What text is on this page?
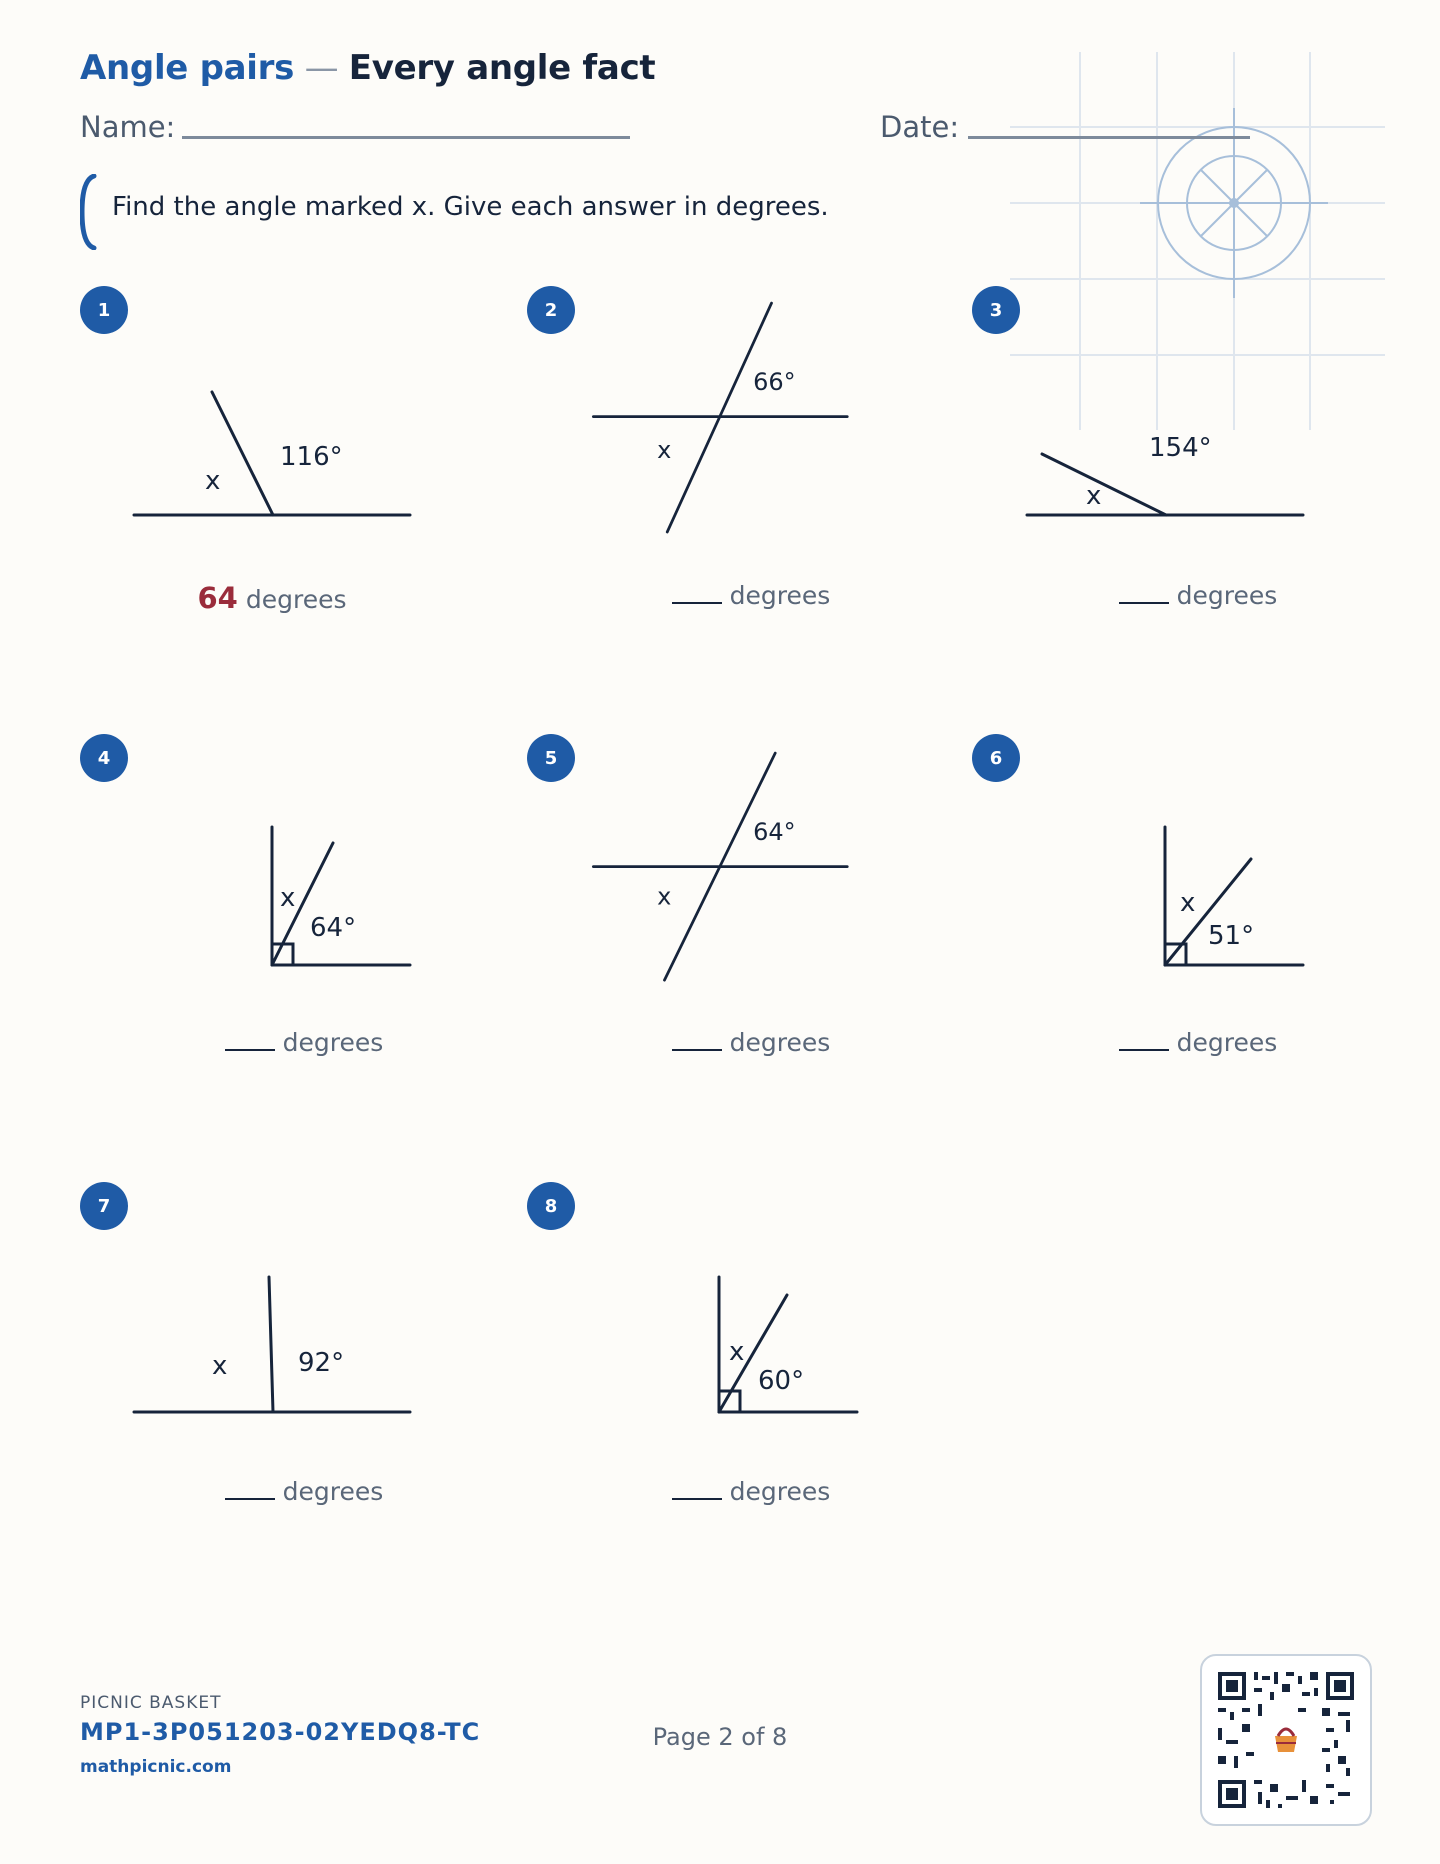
Angle pairs — Every angle fact
Name:	Date:
Find the angle marked x. Give each answer in degrees.
1
116°
x
64 degrees
2
66°
x
degrees
3
154°
x
degrees
4
64°
x
degrees
5
64°
x
degrees
6
51°
x
degrees
7
92°
x
degrees
8
60°
x
degrees
PICNIC BASKET
MP1-3P051203-02YEDQ8-TC
mathpicnic.com
Page 2 of 8
